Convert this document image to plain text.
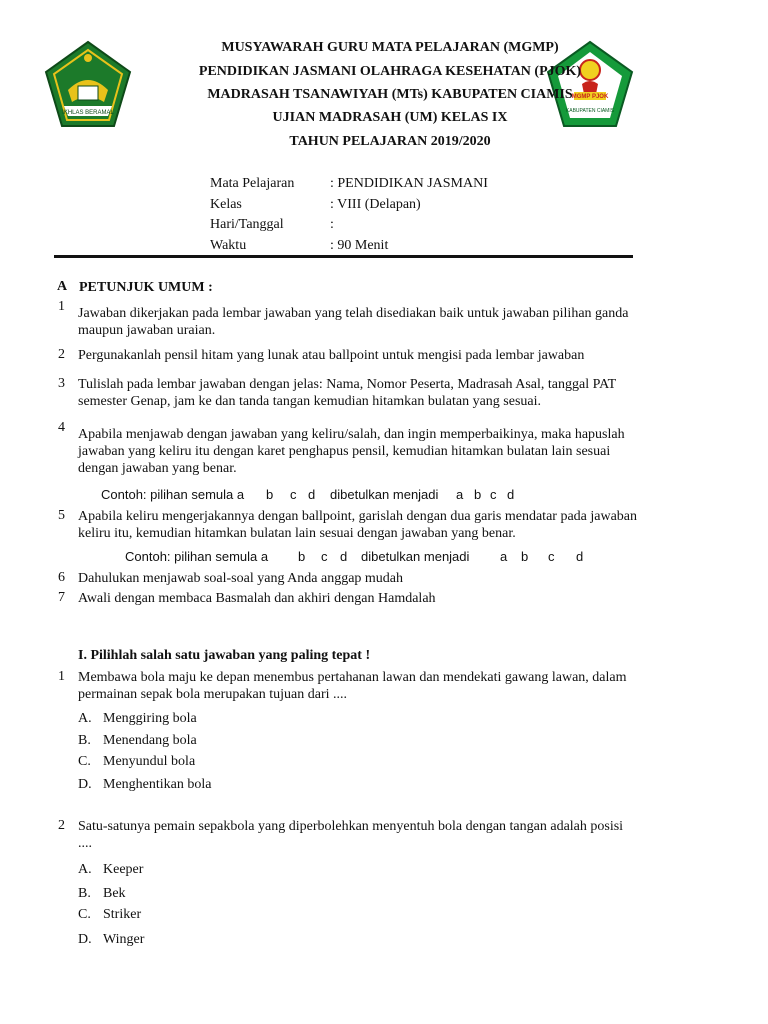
IKHLAS BERAMAL
MGMP PJOK
KABUPATEN CIAMIS
MUSYAWARAH GURU MATA PELAJARAN (MGMP)
PENDIDIKAN JASMANI OLAHRAGA KESEHATAN (PJOK)
MADRASAH TSANAWIYAH (MTs) KABUPATEN CIAMIS
UJIAN MADRASAH (UM) KELAS IX
TAHUN PELAJARAN 2019/2020
Mata Pelajaran	: PENDIDIKAN JASMANI
Kelas	: VIII (Delapan)
Hari/Tanggal	:
Waktu	: 90 Menit
A PETUNJUK UMUM :
1 Jawaban dikerjakan pada lembar jawaban yang telah disediakan baik untuk jawaban pilihan ganda maupun jawaban uraian.
2 Pergunakanlah pensil hitam yang lunak atau ballpoint untuk mengisi pada lembar jawaban
3 Tulislah pada lembar jawaban dengan jelas: Nama, Nomor Peserta, Madrasah Asal, tanggal PAT semester Genap, jam ke dan tanda tangan kemudian hitamkan bulatan yang sesuai.
4 Apabila menjawab dengan jawaban yang keliru/salah, dan ingin memperbaikinya, maka hapuslah jawaban yang keliru itu dengan karet penghapus pensil, kemudian hitamkan bulatan lain sesuai dengan jawaban yang benar.
Contoh: pilihan semula a b c d dibetulkan menjadi a b c d
5 Apabila keliru mengerjakannya dengan ballpoint, garislah dengan dua garis mendatar pada jawaban keliru itu, kemudian hitamkan bulatan lain sesuai dengan jawaban yang benar.
Contoh: pilihan semula a b c d dibetulkan menjadi a b c d
6 Dahulukan menjawab soal-soal yang Anda anggap mudah
7 Awali dengan membaca Basmalah dan akhiri dengan Hamdalah
I. Pilihlah salah satu jawaban yang paling tepat !
1 Membawa bola maju ke depan menembus pertahanan lawan dan mendekati gawang lawan, dalam permainan sepak bola merupakan tujuan dari ....
A. Menggiring bola
B. Menendang bola
C. Menyundul bola
D. Menghentikan bola
2 Satu-satunya pemain sepakbola yang diperbolehkan menyentuh bola dengan tangan adalah posisi ....
A. Keeper
B. Bek
C. Striker
D. Winger
